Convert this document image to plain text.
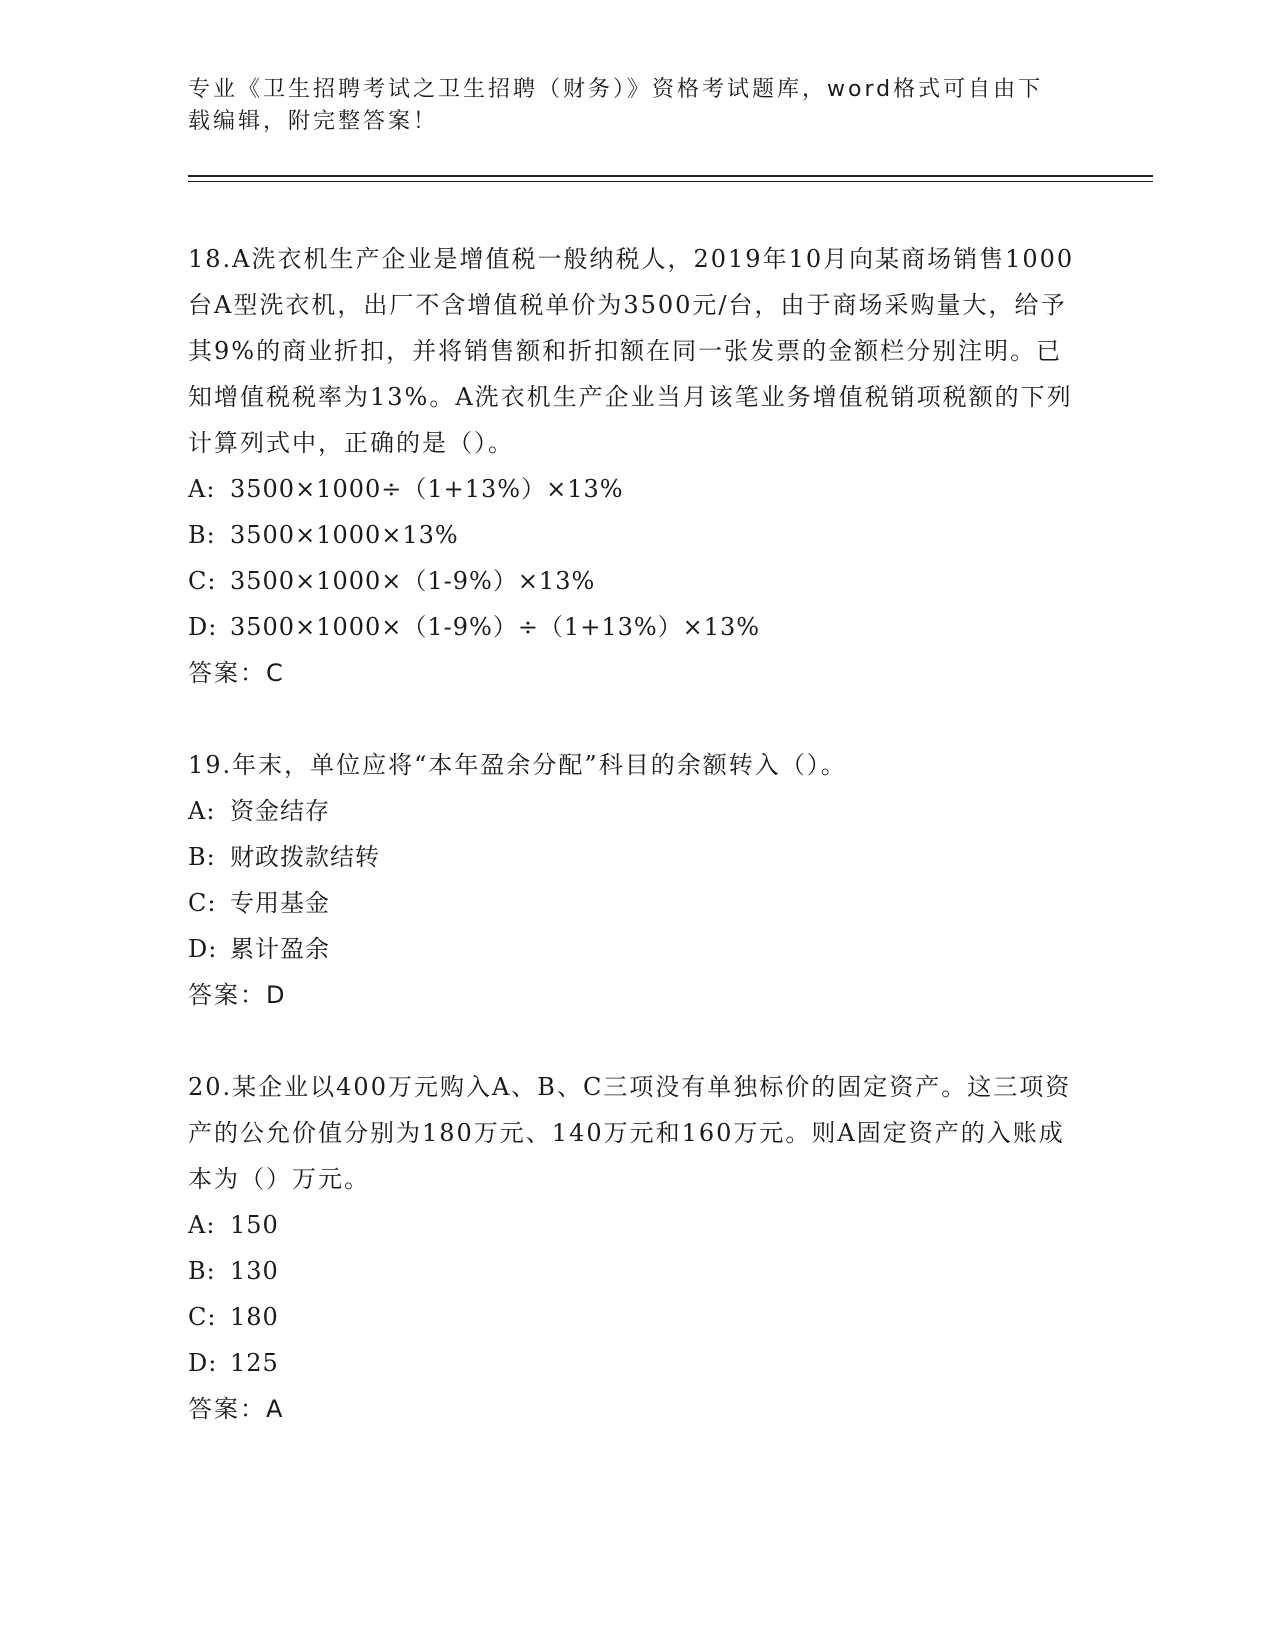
专业《卫生招聘考试之卫生招聘（财务）》资格考试题库，word格式可自由下载编辑，附完整答案！

18.A洗衣机生产企业是增值税一般纳税人，2019年10月向某商场销售1000台A型洗衣机，出厂不含增值税单价为3500元/台，由于商场采购量大，给予其9%的商业折扣，并将销售额和折扣额在同一张发票的金额栏分别注明。已知增值税税率为13%。A洗衣机生产企业当月该笔业务增值税销项税额的下列计算列式中，正确的是（）。

A: 3500×1000÷（1+13%）×13%

B: 3500×1000×13%

C: 3500×1000×（1-9%）×13%

D: 3500×1000×（1-9%）÷（1+13%）×13%

答案：C

19.年末，单位应将“本年盈余分配”科目的余额转入（）。

A: 资金结存

B: 财政拨款结转

C: 专用基金

D: 累计盈余

答案：D

20.某企业以400万元购入A、B、C三项没有单独标价的固定资产。这三项资产的公允价值分别为180万元、140万元和160万元。则A固定资产的入账成本为（）万元。

A: 150

B: 130

C: 180

D: 125

答案：A
